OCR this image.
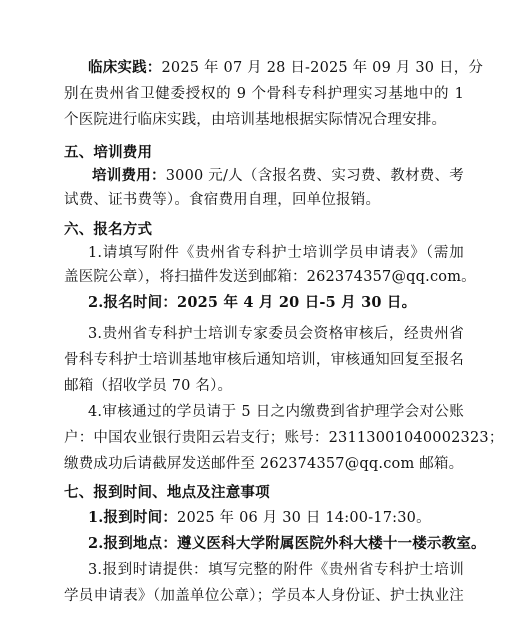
临床实践：2025 年 07 月 28 日-2025 年 09 月 30 日，分
别在贵州省卫健委授权的 9 个骨科专科护理实习基地中的 1
个医院进行临床实践，由培训基地根据实际情况合理安排。
五、培训费用
培训费用：3000 元/人（含报名费、实习费、教材费、考
试费、证书费等）。食宿费用自理，回单位报销。
六、报名方式
1.请填写附件《贵州省专科护士培训学员申请表》（需加
盖医院公章），将扫描件发送到邮箱：262374357@qq.com。
2.报名时间：2025 年 4 月 20 日-5 月 30 日。
3.贵州省专科护士培训专家委员会资格审核后，经贵州省
骨科专科护士培训基地审核后通知培训，审核通知回复至报名
邮箱（招收学员 70 名）。
4.审核通过的学员请于 5 日之内缴费到省护理学会对公账
户：中国农业银行贵阳云岩支行；账号：23113001040002323；
缴费成功后请截屏发送邮件至 262374357@qq.com 邮箱。
七、报到时间、地点及注意事项
1.报到时间：2025 年 06 月 30 日 14:00-17:30。
2.报到地点：遵义医科大学附属医院外科大楼十一楼示教室。
3.报到时请提供：填写完整的附件《贵州省专科护士培训
学员申请表》（加盖单位公章）；学员本人身份证、护士执业注
